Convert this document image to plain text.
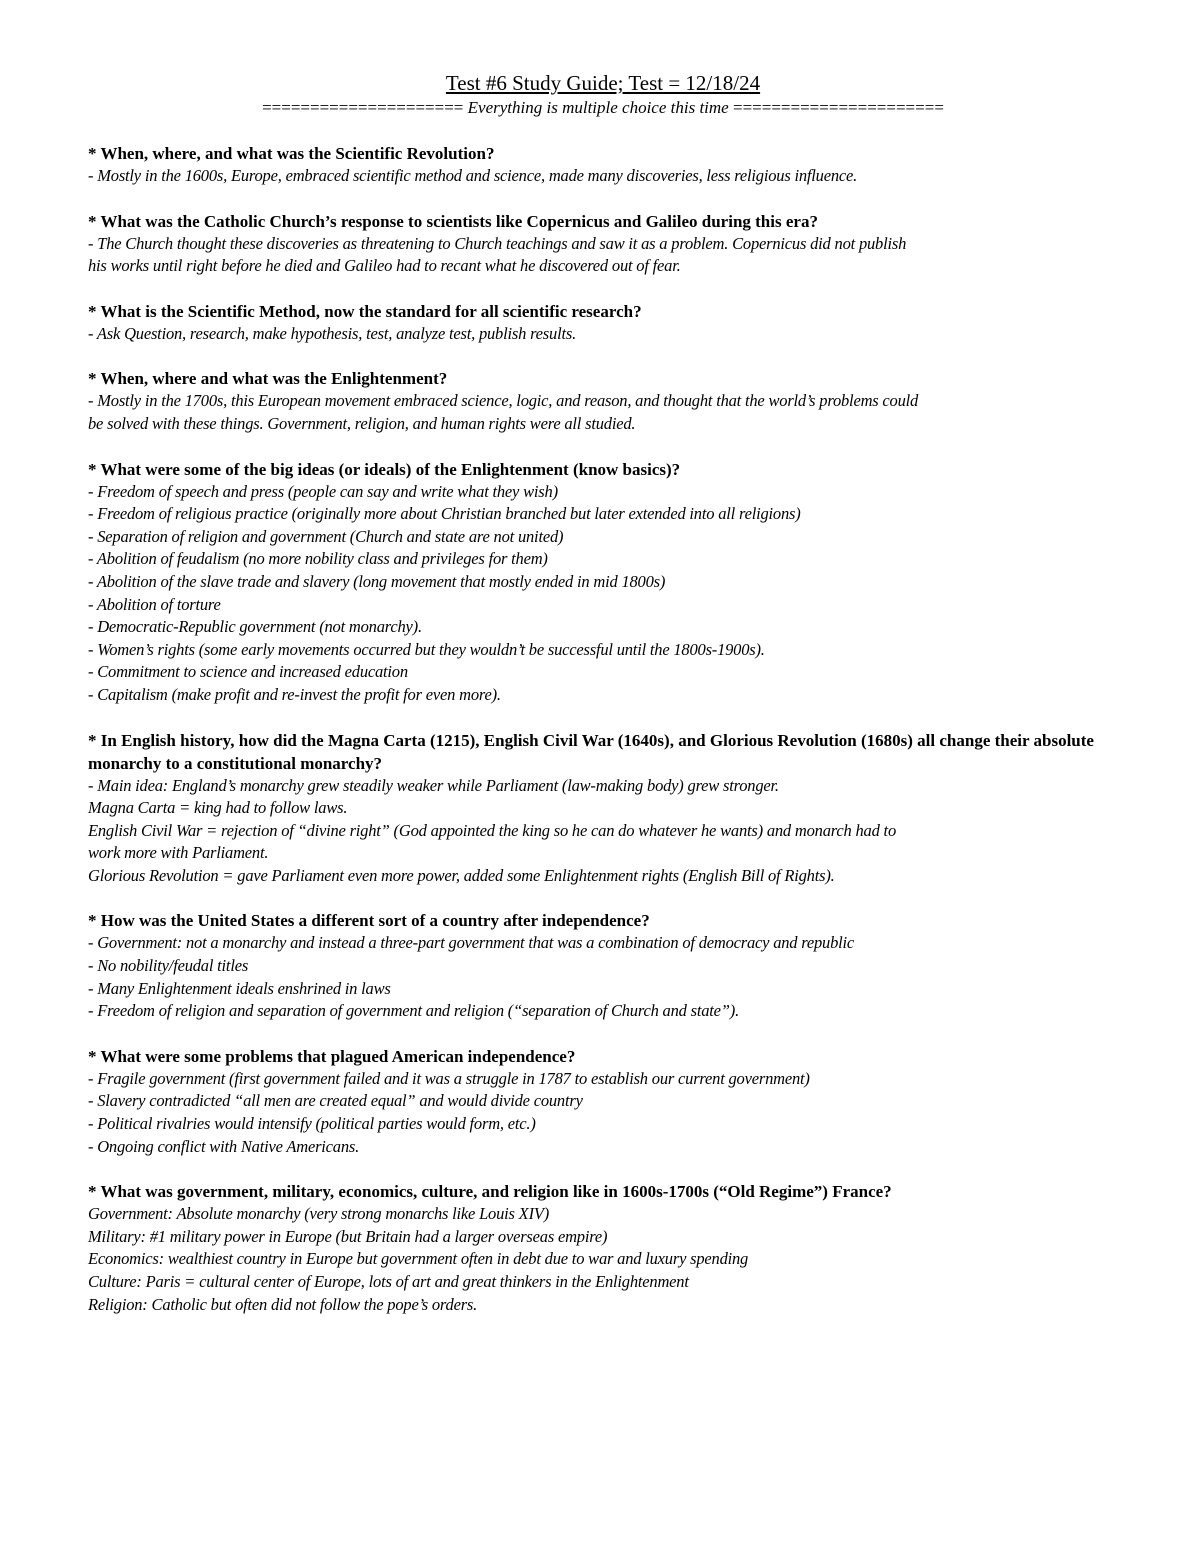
Test #6 Study Guide; Test = 12/18/24

===================== Everything is multiple choice this time ======================

* When, where, and what was the Scientific Revolution?

- Mostly in the 1600s, Europe, embraced scientific method and science, made many discoveries, less religious influence.

* What was the Catholic Church’s response to scientists like Copernicus and Galileo during this era?

- The Church thought these discoveries as threatening to Church teachings and saw it as a problem. Copernicus did not publish

his works until right before he died and Galileo had to recant what he discovered out of fear.

* What is the Scientific Method, now the standard for all scientific research?

- Ask Question, research, make hypothesis, test, analyze test, publish results.

* When, where and what was the Enlightenment?

- Mostly in the 1700s, this European movement embraced science, logic, and reason, and thought that the world’s problems could

be solved with these things. Government, religion, and human rights were all studied.

* What were some of the big ideas (or ideals) of the Enlightenment (know basics)?

- Freedom of speech and press (people can say and write what they wish)

- Freedom of religious practice (originally more about Christian branched but later extended into all religions)

- Separation of religion and government (Church and state are not united)

- Abolition of feudalism (no more nobility class and privileges for them)

- Abolition of the slave trade and slavery (long movement that mostly ended in mid 1800s)

- Abolition of torture

- Democratic-Republic government (not monarchy).

- Women’s rights (some early movements occurred but they wouldn’t be successful until the 1800s-1900s).

- Commitment to science and increased education

- Capitalism (make profit and re-invest the profit for even more).

* In English history, how did the Magna Carta (1215), English Civil War (1640s), and Glorious Revolution (1680s) all change their absolute monarchy to a constitutional monarchy?

- Main idea: England’s monarchy grew steadily weaker while Parliament (law-making body) grew stronger.

Magna Carta = king had to follow laws.

English Civil War = rejection of “divine right” (God appointed the king so he can do whatever he wants) and monarch had to

work more with Parliament.

Glorious Revolution = gave Parliament even more power, added some Enlightenment rights (English Bill of Rights).

* How was the United States a different sort of a country after independence?

- Government: not a monarchy and instead a three-part government that was a combination of democracy and republic

- No nobility/feudal titles

- Many Enlightenment ideals enshrined in laws

- Freedom of religion and separation of government and religion (“separation of Church and state”).

* What were some problems that plagued American independence?

- Fragile government (first government failed and it was a struggle in 1787 to establish our current government)

- Slavery contradicted “all men are created equal” and would divide country

- Political rivalries would intensify (political parties would form, etc.)

- Ongoing conflict with Native Americans.

* What was government, military, economics, culture, and religion like in 1600s-1700s (“Old Regime”) France?

Government: Absolute monarchy (very strong monarchs like Louis XIV)

Military: #1 military power in Europe (but Britain had a larger overseas empire)

Economics: wealthiest country in Europe but government often in debt due to war and luxury spending

Culture: Paris = cultural center of Europe, lots of art and great thinkers in the Enlightenment

Religion: Catholic but often did not follow the pope’s orders.
